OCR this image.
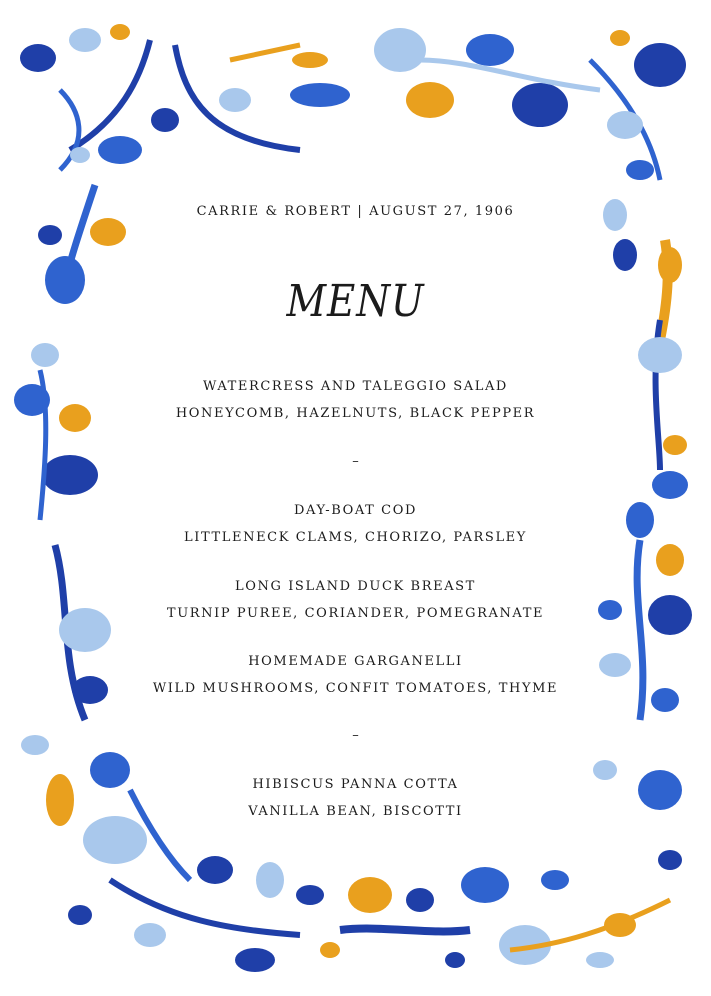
CARRIE & ROBERT | AUGUST 27, 1906
MENU
WATERCRESS AND TALEGGIO SALAD
HONEYCOMB, HAZELNUTS, BLACK PEPPER
–
DAY-BOAT COD
LITTLENECK CLAMS, CHORIZO, PARSLEY
LONG ISLAND DUCK BREAST
TURNIP PUREE, CORIANDER, POMEGRANATE
HOMEMADE GARGANELLI
WILD MUSHROOMS, CONFIT TOMATOES, THYME
–
HIBISCUS PANNA COTTA
VANILLA BEAN, BISCOTTI
